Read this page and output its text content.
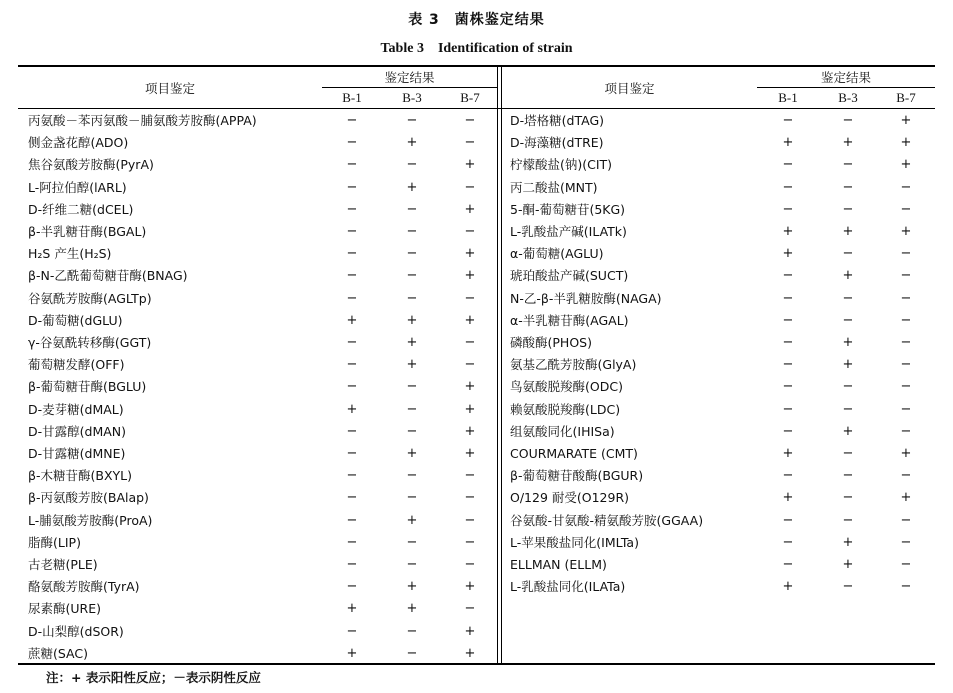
表 3　菌株鉴定结果
Table 3　Identification of strain
项目鉴定
鉴定结果
B-1	B-3	B-7
项目鉴定
鉴定结果
B-1	B-3	B-7
丙氨酸－苯丙氨酸－脯氨酸芳胺酶(APPA)	−	−	−
侧金盏花醇(ADO)	−	+	−
焦谷氨酸芳胺酶(PyrA)	−	−	+
L-阿拉伯醇(lARL)	−	+	−
D-纤维二糖(dCEL)	−	−	+
β-半乳糖苷酶(BGAL)	−	−	−
H₂S 产生(H₂S)	−	−	+
β-N-乙酰葡萄糖苷酶(BNAG)	−	−	+
谷氨酰芳胺酶(AGLTp)	−	−	−
D-葡萄糖(dGLU)	+	+	+
γ-谷氨酰转移酶(GGT)	−	+	−
葡萄糖发酵(OFF)	−	+	−
β-葡萄糖苷酶(BGLU)	−	−	+
D-麦芽糖(dMAL)	+	−	+
D-甘露醇(dMAN)	−	−	+
D-甘露糖(dMNE)	−	+	+
β-木糖苷酶(BXYL)	−	−	−
β-丙氨酸芳胺(BAlap)	−	−	−
L-脯氨酸芳胺酶(ProA)	−	+	−
脂酶(LIP)	−	−	−
古老糖(PLE)	−	−	−
酪氨酸芳胺酶(TyrA)	−	+	+
尿素酶(URE)	+	+	−
D-山梨醇(dSOR)	−	−	+
蔗糖(SAC)	+	−	+
D-塔格糖(dTAG)	−	−	+
D-海藻糖(dTRE)	+	+	+
柠檬酸盐(钠)(CIT)	−	−	+
丙二酸盐(MNT)	−	−	−
5-酮-葡萄糖苷(5KG)	−	−	−
L-乳酸盐产碱(ILATk)	+	+	+
α-葡萄糖(AGLU)	+	−	−
琥珀酸盐产碱(SUCT)	−	+	−
N-乙-β-半乳糖胺酶(NAGA)	−	−	−
α-半乳糖苷酶(AGAL)	−	−	−
磷酸酶(PHOS)	−	+	−
氨基乙酰芳胺酶(GlyA)	−	+	−
鸟氨酸脱羧酶(ODC)	−	−	−
赖氨酸脱羧酶(LDC)	−	−	−
组氨酸同化(IHISa)	−	+	−
COURMARATE (CMT)	+	−	+
β-葡萄糖苷酸酶(BGUR)	−	−	−
O/129 耐受(O129R)	+	−	+
谷氨酸-甘氨酸-精氨酸芳胺(GGAA)	−	−	−
L-苹果酸盐同化(IMLTa)	−	+	−
ELLMAN (ELLM)	−	+	−
L-乳酸盐同化(ILATa)	+	−	−
注：+ 表示阳性反应；－表示阴性反应
